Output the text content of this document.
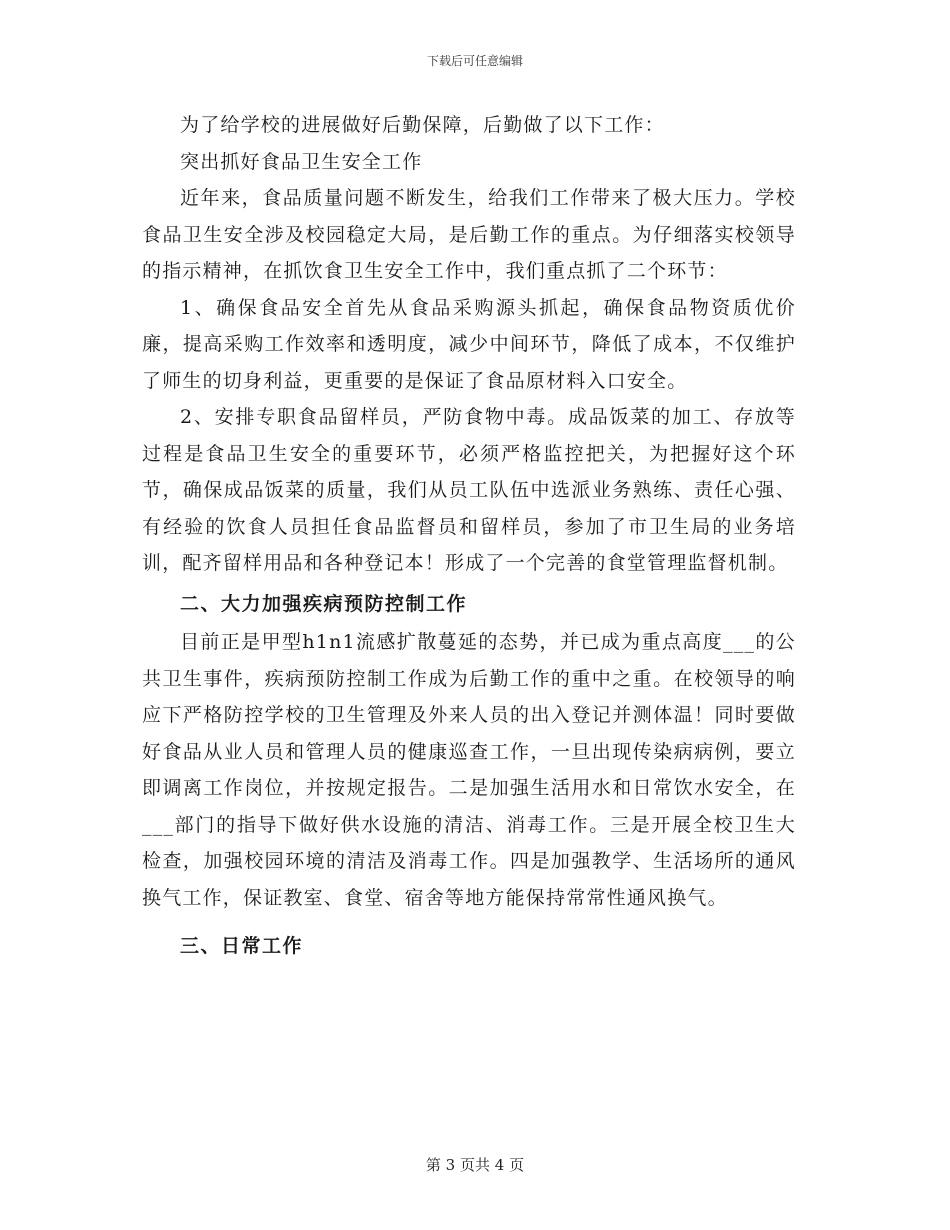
下载后可任意编辑

为了给学校的进展做好后勤保障，后勤做了以下工作：

突出抓好食品卫生安全工作

近年来，食品质量问题不断发生，给我们工作带来了极大压力。学校食品卫生安全涉及校园稳定大局，是后勤工作的重点。为仔细落实校领导的指示精神，在抓饮食卫生安全工作中，我们重点抓了二个环节：

1、确保食品安全首先从食品采购源头抓起，确保食品物资质优价廉，提高采购工作效率和透明度，减少中间环节，降低了成本，不仅维护了师生的切身利益，更重要的是保证了食品原材料入口安全。

2、安排专职食品留样员，严防食物中毒。成品饭菜的加工、存放等过程是食品卫生安全的重要环节，必须严格监控把关，为把握好这个环节，确保成品饭菜的质量，我们从员工队伍中选派业务熟练、责任心强、有经验的饮食人员担任食品监督员和留样员，参加了市卫生局的业务培训，配齐留样用品和各种登记本！形成了一个完善的食堂管理监督机制。

二、大力加强疾病预防控制工作

目前正是甲型h1n1流感扩散蔓延的态势，并已成为重点高度___的公共卫生事件，疾病预防控制工作成为后勤工作的重中之重。在校领导的响应下严格防控学校的卫生管理及外来人员的出入登记并测体温！同时要做好食品从业人员和管理人员的健康巡查工作，一旦出现传染病病例，要立即调离工作岗位，并按规定报告。二是加强生活用水和日常饮水安全，在___部门的指导下做好供水设施的清洁、消毒工作。三是开展全校卫生大检查，加强校园环境的清洁及消毒工作。四是加强教学、生活场所的通风换气工作，保证教室、食堂、宿舍等地方能保持常常性通风换气。

三、日常工作

第 3 页共 4 页
